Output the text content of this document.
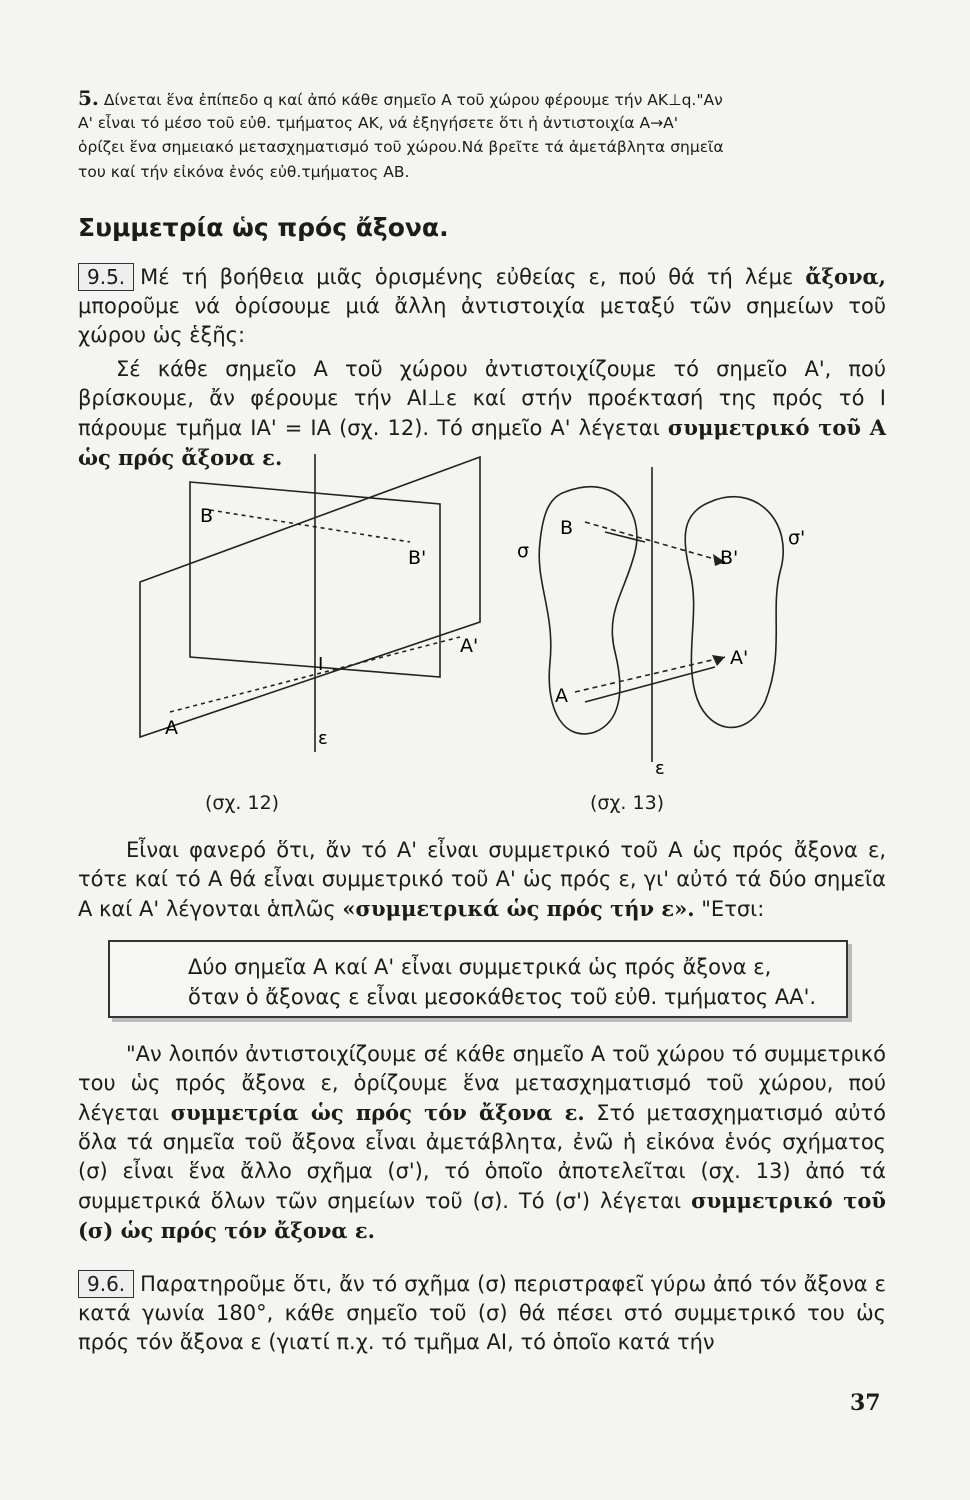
5. Δίνεται ἕνα ἐπίπεδο q καί ἀπό κάθε σημεῖο Α τοῦ χώρου φέρουμε τήν ΑΚ⊥q."Αν

Α' εἶναι τό μέσο τοῦ εὐθ. τμήματος ΑΚ, νά ἐξηγήσετε ὅτι ἡ ἀντιστοιχία Α→Α'

ὁρίζει ἕνα σημειακό μετασχηματισμό τοῦ χώρου.Νά βρεῖτε τά ἀμετάβλητα σημεῖα

του καί τήν εἰκόνα ἑνός εὐθ.τμήματος ΑΒ.

Συμμετρία ὡς πρός ἄξονα.

9.5. Μέ τή βοήθεια μιᾶς ὁρισμένης εὐθείας ε, πού θά τή λέμε ἄξονα, μποροῦμε νά ὁρίσουμε μιά ἄλλη ἀντιστοιχία μεταξύ τῶν σημείων τοῦ χώρου ὡς ἑξῆς:

Σέ κάθε σημεῖο Α τοῦ χώρου ἀντιστοιχίζουμε τό σημεῖο Α', πού βρίσκουμε, ἄν φέρουμε τήν ΑΙ⊥ε καί στήν προέκτασή της πρός τό Ι πάρουμε τμῆμα ΙΑ' = ΙΑ (σχ. 12). Τό σημεῖο Α' λέγεται συμμετρικό τοῦ Α ὡς πρός ἄξονα ε.

B
B'
A
A'
I
ε
(σχ. 12)
B
B'
A
A'
σ
σ'
ε
(σχ. 13)

Εἶναι φανερό ὅτι, ἄν τό Α' εἶναι συμμετρικό τοῦ Α ὡς πρός ἄξονα ε, τότε καί τό Α θά εἶναι συμμετρικό τοῦ Α' ὡς πρός ε, γι' αὐτό τά δύο σημεῖα Α καί Α' λέγονται ἁπλῶς «συμμετρικά ὡς πρός τήν ε». "Ετσι:

Δύο σημεῖα Α καί Α' εἶναι συμμετρικά ὡς πρός ἄξονα ε,
ὅταν ὁ ἄξονας ε εἶναι μεσοκάθετος τοῦ εὐθ. τμήματος ΑΑ'.

"Αν λοιπόν ἀντιστοιχίζουμε σέ κάθε σημεῖο Α τοῦ χώρου τό συμμετρικό του ὡς πρός ἄξονα ε, ὁρίζουμε ἕνα μετασχηματισμό τοῦ χώρου, πού λέγεται συμμετρία ὡς πρός τόν ἄξονα ε. Στό μετασχηματισμό αὐτό ὅλα τά σημεῖα τοῦ ἄξονα εἶναι ἀμετάβλητα, ἐνῶ ἡ εἰκόνα ἑνός σχήματος (σ) εἶναι ἕνα ἄλλο σχῆμα (σ'), τό ὁποῖο ἀποτελεῖται (σχ. 13) ἀπό τά συμμετρικά ὅλων τῶν σημείων τοῦ (σ). Τό (σ') λέγεται συμμετρικό τοῦ (σ) ὡς πρός τόν ἄξονα ε.

9.6. Παρατηροῦμε ὅτι, ἄν τό σχῆμα (σ) περιστραφεῖ γύρω ἀπό τόν ἄξονα ε κατά γωνία 180°, κάθε σημεῖο τοῦ (σ) θά πέσει στό συμμετρικό του ὡς πρός τόν ἄξονα ε (γιατί π.χ. τό τμῆμα ΑΙ, τό ὁποῖο κατά τήν

37
